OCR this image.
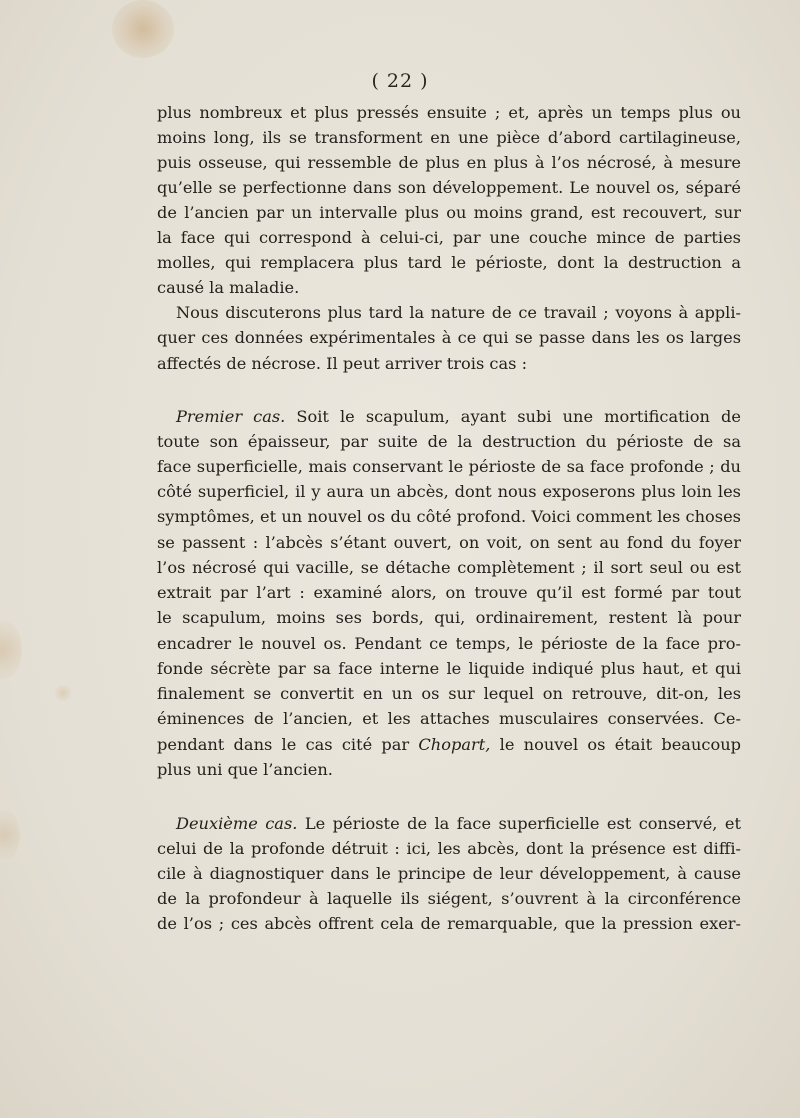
( 22 )
plus nombreux et plus pressés ensuite ; et, après un temps plus ou
moins long, ils se transforment en une pièce d’abord cartilagineuse,
puis osseuse, qui ressemble de plus en plus à l’os nécrosé, à mesure
qu’elle se perfectionne dans son développement. Le nouvel os, séparé
de l’ancien par un intervalle plus ou moins grand, est recouvert, sur
la face qui correspond à celui-ci, par une couche mince de parties
molles, qui remplacera plus tard le périoste, dont la destruction a
causé la maladie.
Nous discuterons plus tard la nature de ce travail ; voyons à appli-
quer ces données expérimentales à ce qui se passe dans les os larges
affectés de nécrose. Il peut arriver trois cas :
Premier cas. Soit le scapulum, ayant subi une mortification de
toute son épaisseur, par suite de la destruction du périoste de sa
face superficielle, mais conservant le périoste de sa face profonde ; du
côté superficiel, il y aura un abcès, dont nous exposerons plus loin les
symptômes, et un nouvel os du côté profond. Voici comment les choses
se passent : l’abcès s’étant ouvert, on voit, on sent au fond du foyer
l’os nécrosé qui vacille, se détache complètement ; il sort seul ou est
extrait par l’art : examiné alors, on trouve qu’il est formé par tout
le scapulum, moins ses bords, qui, ordinairement, restent là pour
encadrer le nouvel os. Pendant ce temps, le périoste de la face pro-
fonde sécrète par sa face interne le liquide indiqué plus haut, et qui
finalement se convertit en un os sur lequel on retrouve, dit-on, les
éminences de l’ancien, et les attaches musculaires conservées. Ce-
pendant dans le cas cité par Chopart, le nouvel os était beaucoup
plus uni que l’ancien.
Deuxième cas. Le périoste de la face superficielle est conservé, et
celui de la profonde détruit : ici, les abcès, dont la présence est diffi-
cile à diagnostiquer dans le principe de leur développement, à cause
de la profondeur à laquelle ils siégent, s’ouvrent à la circonférence
de l’os ; ces abcès offrent cela de remarquable, que la pression exer-
